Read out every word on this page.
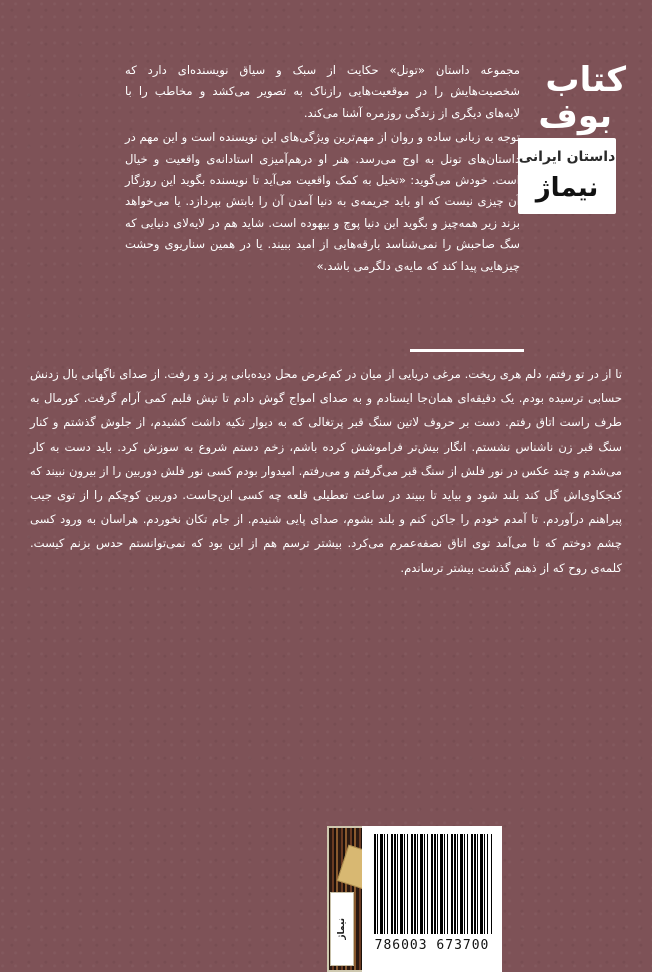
کتاب
بوف
داستان ایرانی
نیماژ

مجموعه داستان «تونل» حکایت از سبک و سیاق نویسنده‌ای دارد که شخصیت‌هایش را در موقعیت‌هایی رازناک به تصویر می‌کشد و مخاطب را با لایه‌های دیگری از زندگی روزمره آشنا می‌کند.

توجه به زبانی ساده و روان از مهم‌ترین ویژگی‌های این نویسنده است و این مهم در داستان‌های تونل به اوج می‌رسد. هنر او درهم‌آمیزی استادانه‌ی واقعیت و خیال است. خودش می‌گوید: «تخیل به کمک واقعیت می‌آید تا نویسنده بگوید این روزگار آن چیزی نیست که او باید جریمه‌ی به دنیا آمدن آن را بابتش بپردازد. یا می‌خواهد بزند زیر همه‌چیز و بگوید این دنیا پوچ و بیهوده است. شاید هم در لایه‌لای دنیایی که سگ صاحبش را نمی‌شناسد بارقه‌هایی از امید ببیند. یا در همین سناریوی وحشت چیزهایی پیدا کند که مایه‌ی دلگرمی باشد.»

تا از در تو رفتم، دلم هری ریخت. مرغی دریایی از میان در کم‌عرض محل دیده‌بانی پر زد و رفت. از صدای ناگهانی بال زدنش حسابی ترسیده بودم. یک دقیقه‌ای همان‌جا ایستادم و به صدای امواج گوش دادم تا تپش قلبم کمی آرام گرفت. کورمال به طرف راست اتاق رفتم. دست بر حروف لاتین سنگ قبر پرتغالی که به دیوار تکیه داشت کشیدم، از جلوش گذشتم و کنار سنگ قبر زن ناشناس نشستم. انگار بیش‌تر فراموشش کرده باشم، زخم دستم شروع به سوزش کرد. باید دست به کار می‌شدم و چند عکس در نور فلش از سنگ قبر می‌گرفتم و می‌رفتم. امیدوار بودم کسی نور فلش دوربین را از بیرون نبیند که کنجکاوی‌اش گل کند بلند شود و بیاید تا ببیند در ساعت تعطیلی قلعه چه کسی این‌جاست. دوربین کوچکم را از توی جیب پیراهنم درآوردم. تا آمدم خودم را جاکن کنم و بلند بشوم، صدای پایی شنیدم. از جام تکان نخوردم. هراسان به ورود کسی چشم دوختم که تا می‌آمد توی اتاق نصفه‌عمرم می‌کرد. بیشتر ترسم هم از این بود که نمی‌توانستم حدس بزنم کیست. کلمه‌ی روح که از ذهنم گذشت بیشتر ترساندم.
نیماژ
786003 673700
